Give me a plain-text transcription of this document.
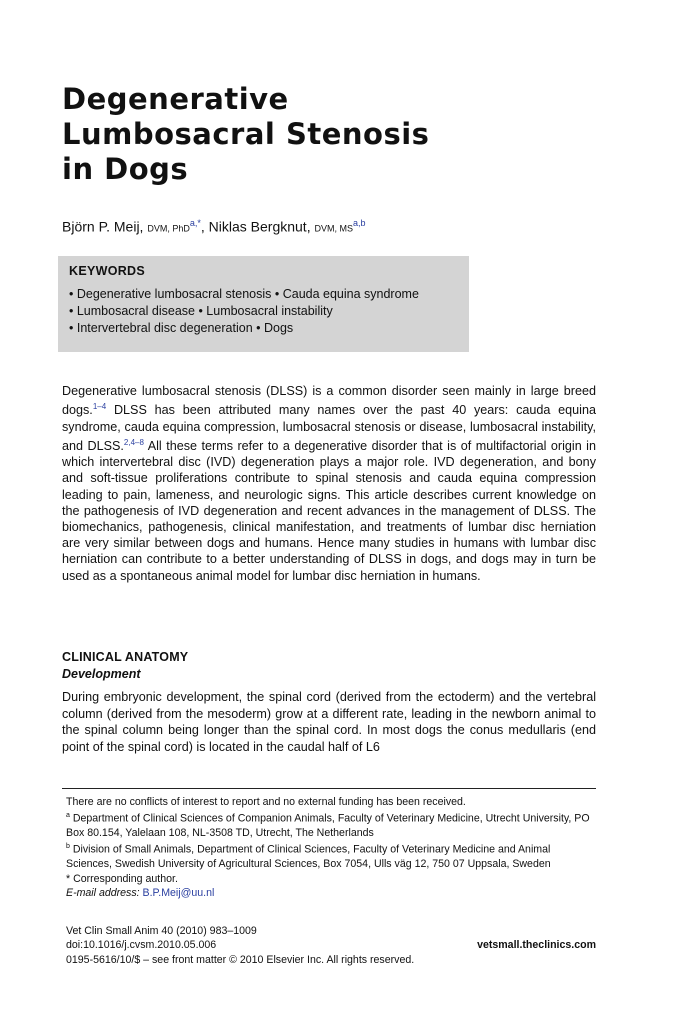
Degenerative
Lumbosacral Stenosis
in Dogs
Björn P. Meij, DVM, PhD$^{a,*}$, Niklas Bergknut, DVM, MS$^{a,b}$
KEYWORDS
• Degenerative lumbosacral stenosis • Cauda equina syndrome
• Lumbosacral disease • Lumbosacral instability
• Intervertebral disc degeneration • Dogs

Degenerative lumbosacral stenosis (DLSS) is a common disorder seen mainly in large breed dogs.$^{1-4}$ DLSS has been attributed many names over the past 40 years: cauda equina syndrome, cauda equina compression, lumbosacral stenosis or disease, lumbosacral instability, and DLSS.$^{2,4-8}$ All these terms refer to a degenerative disorder that is of multifactorial origin in which intervertebral disc (IVD) degeneration plays a major role. IVD degeneration, and bony and soft-tissue proliferations contribute to spinal stenosis and cauda equina compression leading to pain, lameness, and neurologic signs. This article describes current knowledge on the pathogenesis of IVD degeneration and recent advances in the management of DLSS. The biomechanics, pathogenesis, clinical manifestation, and treatments of lumbar disc herniation are very similar between dogs and humans. Hence many studies in humans with lumbar disc herniation can contribute to a better understanding of DLSS in dogs, and dogs may in turn be used as a spontaneous animal model for lumbar disc herniation in humans.

CLINICAL ANATOMY
Development

During embryonic development, the spinal cord (derived from the ectoderm) and the vertebral column (derived from the mesoderm) grow at a different rate, leading in the newborn animal to the spinal column being longer than the spinal cord. In most dogs the conus medullaris (end point of the spinal cord) is located in the caudal half of L6

There are no conflicts of interest to report and no external funding has been received.

$^a$ Department of Clinical Sciences of Companion Animals, Faculty of Veterinary Medicine, Utrecht University, PO Box 80.154, Yalelaan 108, NL-3508 TD, Utrecht, The Netherlands

$^b$ Division of Small Animals, Department of Clinical Sciences, Faculty of Veterinary Medicine and Animal Sciences, Swedish University of Agricultural Sciences, Box 7054, Ulls väg 12, 750 07 Uppsala, Sweden

* Corresponding author.

E-mail address: B.P.Meij@uu.nl

Vet Clin Small Anim 40 (2010) 983–1009
doi:10.1016/j.cvsm.2010.05.006	vetsmall.theclinics.com
0195-5616/10/$ – see front matter © 2010 Elsevier Inc. All rights reserved.
